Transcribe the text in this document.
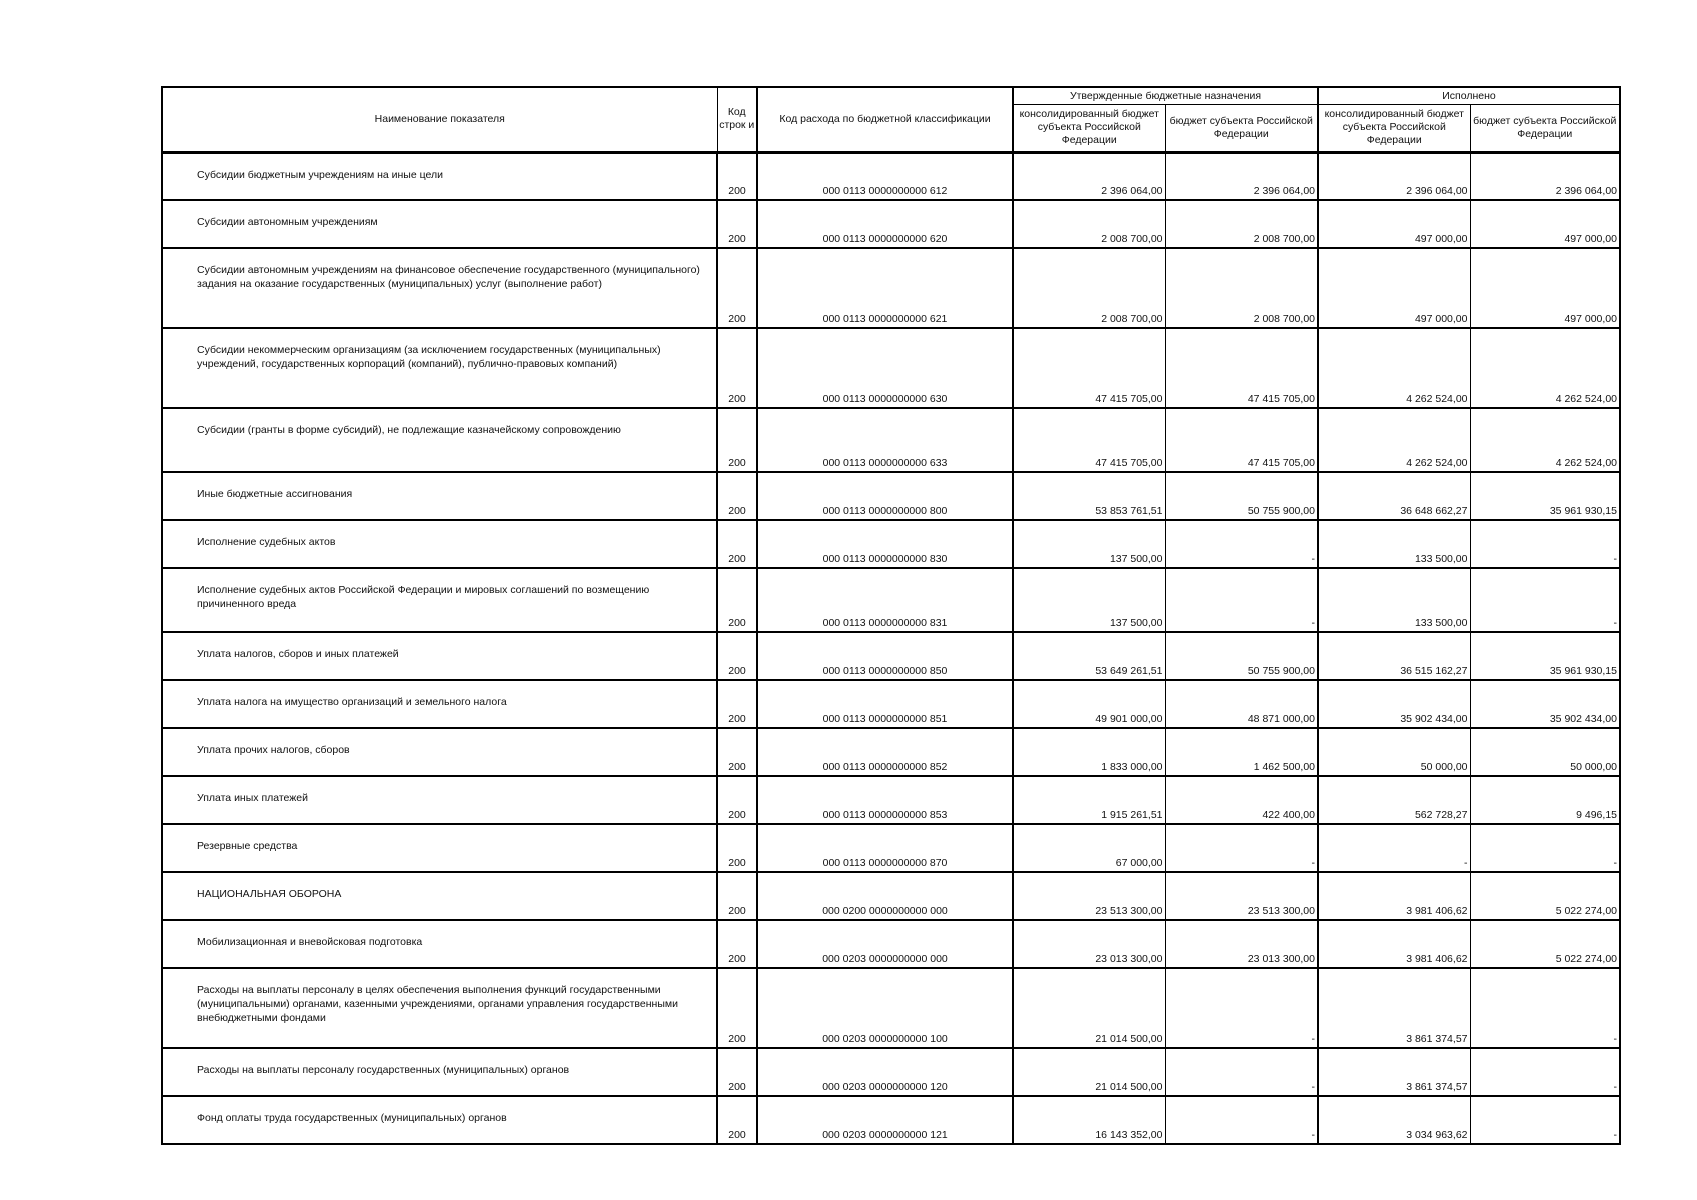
Наименование показателя	Код строк и	Код расхода по бюджетной классификации	Утвержденные бюджетные назначения		Исполнено	
			консолидированный бюджет субъекта Российской Федерации	бюджет субъекта Российской Федерации	консолидированный бюджет субъекта Российской Федерации	бюджет субъекта Российской Федерации
Субсидии бюджетным учреждениям на иные цели	200	000 0113 0000000000 612	2 396 064,00	2 396 064,00	2 396 064,00	2 396 064,00
Субсидии автономным учреждениям	200	000 0113 0000000000 620	2 008 700,00	2 008 700,00	497 000,00	497 000,00
Субсидии автономным учреждениям на финансовое обеспечение государственного (муниципального) задания на оказание государственных (муниципальных) услуг (выполнение работ)	200	000 0113 0000000000 621	2 008 700,00	2 008 700,00	497 000,00	497 000,00
Субсидии некоммерческим организациям (за исключением государственных (муниципальных) учреждений, государственных корпораций (компаний), публично-правовых компаний)	200	000 0113 0000000000 630	47 415 705,00	47 415 705,00	4 262 524,00	4 262 524,00
Субсидии (гранты в форме субсидий), не подлежащие казначейскому сопровождению	200	000 0113 0000000000 633	47 415 705,00	47 415 705,00	4 262 524,00	4 262 524,00
Иные бюджетные ассигнования	200	000 0113 0000000000 800	53 853 761,51	50 755 900,00	36 648 662,27	35 961 930,15
Исполнение судебных актов	200	000 0113 0000000000 830	137 500,00	-	133 500,00	-
Исполнение судебных актов Российской Федерации и мировых соглашений по возмещению причиненного вреда	200	000 0113 0000000000 831	137 500,00	-	133 500,00	-
Уплата налогов, сборов и иных платежей	200	000 0113 0000000000 850	53 649 261,51	50 755 900,00	36 515 162,27	35 961 930,15
Уплата налога на имущество организаций и земельного налога	200	000 0113 0000000000 851	49 901 000,00	48 871 000,00	35 902 434,00	35 902 434,00
Уплата прочих налогов, сборов	200	000 0113 0000000000 852	1 833 000,00	1 462 500,00	50 000,00	50 000,00
Уплата иных платежей	200	000 0113 0000000000 853	1 915 261,51	422 400,00	562 728,27	9 496,15
Резервные средства	200	000 0113 0000000000 870	67 000,00	-	-	-
НАЦИОНАЛЬНАЯ ОБОРОНА	200	000 0200 0000000000 000	23 513 300,00	23 513 300,00	3 981 406,62	5 022 274,00
Мобилизационная и вневойсковая подготовка	200	000 0203 0000000000 000	23 013 300,00	23 013 300,00	3 981 406,62	5 022 274,00
Расходы на выплаты персоналу в целях обеспечения выполнения функций государственными (муниципальными) органами, казенными учреждениями, органами управления государственными внебюджетными фондами	200	000 0203 0000000000 100	21 014 500,00	-	3 861 374,57	-
Расходы на выплаты персоналу государственных (муниципальных) органов	200	000 0203 0000000000 120	21 014 500,00	-	3 861 374,57	-
Фонд оплаты труда государственных (муниципальных) органов	200	000 0203 0000000000 121	16 143 352,00	-	3 034 963,62	-
